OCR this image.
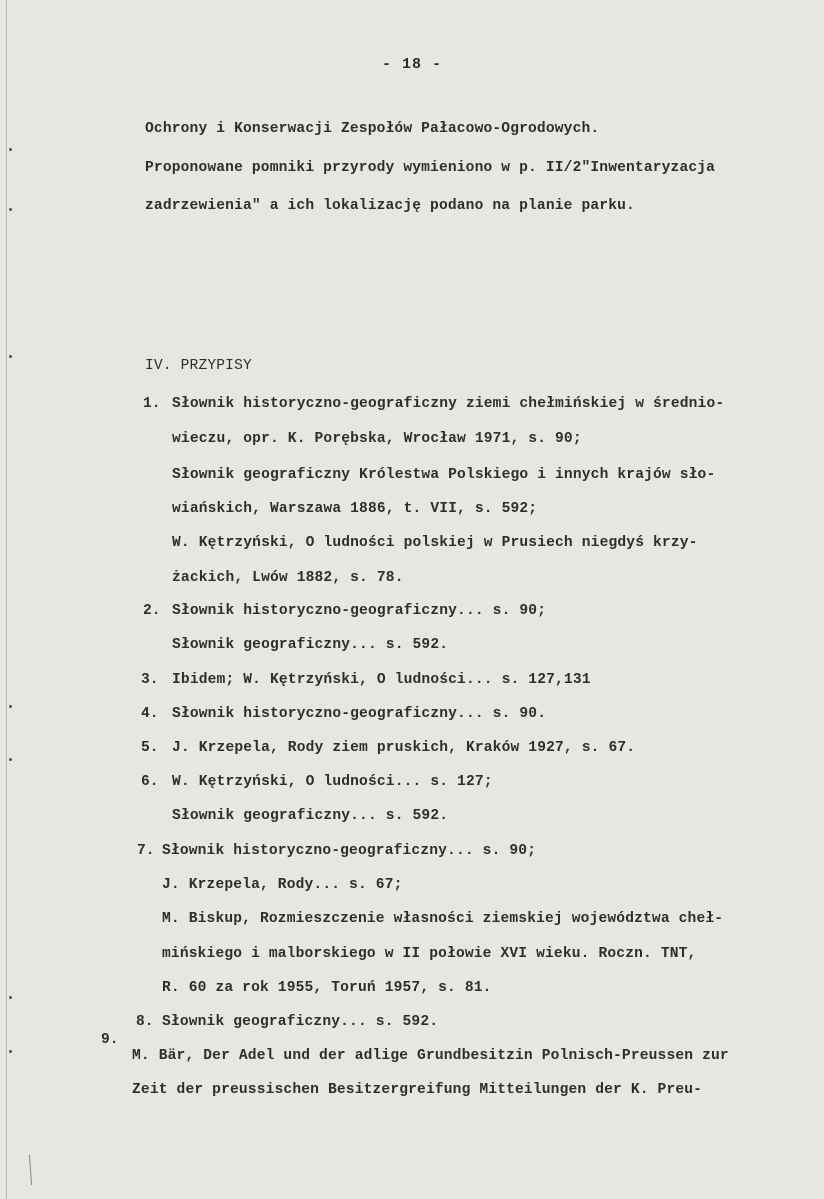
- 18 -
Ochrony i Konserwacji Zespołów Pałacowo-Ogrodowych.
Proponowane pomniki przyrody wymieniono w p. II/2"Inwentaryzacja
zadrzewienia" a ich lokalizację podano na planie parku.
IV. PRZYPISY
1. Słownik historyczno-geograficzny ziemi chełmińskiej w średnio-
wieczu, opr. K. Porębska, Wrocław 1971, s. 90;
Słownik geograficzny Królestwa Polskiego i innych krajów sło-
wiańskich, Warszawa 1886, t. VII, s. 592;
W. Kętrzyński, O ludności polskiej w Prusiech niegdyś krzy-
żackich, Lwów 1882, s. 78.
2. Słownik historyczno-geograficzny... s. 90;
Słownik geograficzny... s. 592.
3. Ibidem; W. Kętrzyński, O ludności... s. 127,131
4. Słownik historyczno-geograficzny... s. 90.
5. J. Krzepela, Rody ziem pruskich, Kraków 1927, s. 67.
6. W. Kętrzyński, O ludności... s. 127;
Słownik geograficzny... s. 592.
7. Słownik historyczno-geograficzny... s. 90;
J. Krzepela, Rody... s. 67;
M. Biskup, Rozmieszczenie własności ziemskiej województwa cheł-
mińskiego i malborskiego w II połowie XVI wieku. Roczn. TNT,
R. 60 za rok 1955, Toruń 1957, s. 81.
8. Słownik geograficzny... s. 592.
9.
M. Bär, Der Adel und der adlige Grundbesitzin Polnisch-Preussen zur
Zeit der preussischen Besitzergreifung Mitteilungen der K. Preu-
